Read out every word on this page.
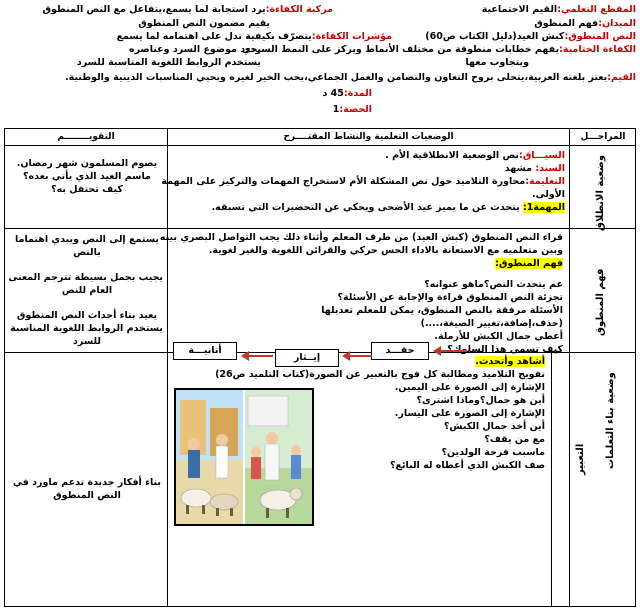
المقطع التعلمي:القيم الاجتماعية
مركبة الكفاءة:يرد استجابة لما يسمع،يتفاعل مع النص المنطوق
الميدان:فهم المنطوق
يقيم مضمون النص المنطوق
النص المنطوق:كبش العيد(دليل الكتاب ص60)
مؤشرات الكفاءة:يتصرّف بكيفية تدل على اهتمامه لما يسمع
الكفاءة الختامية:يفهم خطابات منطوقة من مختلف الأنماط ويركز على النمط السردي
يحدد موضوع السرد وعناصره
ويتجاوب معها
يستخدم الروابط اللغوية المناسبة للسرد
القيم:يعتز بلغته العربية،يتحلى بروح التعاون والتضامن والعمل الجماعي،يحب الخير لغيره ويحيي المناسبات الدينية والوطنية.
المدة:45 د
الحصة:1
المراحـــل
الوضعيات التعلمية والنشاط المقتــــرح
التقويــــــــم
وضعية الانطلاق
فهم المنطوق
وضعية بناء التعلمات
التعبير
السيـــاق:نص الوضعية الانطلاقية الأم .
السند: مشهد
التعليمة:محاورة التلاميذ حول نص المشكلة الأم لاستخراج المهمات والتركيز على المهمة
الأولى.
المهمة1: يتحدث عن ما يميز عيد الأضحى ويحكي عن التحضيرات التي تسبقه.
يصوم المسلمون شهر رمضان.
ماسم العيد الذي يأتي بعده؟
كيف تحتفل به؟
قراء النص المنطوق (كبش العيد) من طرف المعلم وأثناء ذلك يجب التواصل البصري بينه
وبين متعلميه مع الاستعانة بالاداء الحس حركي والقرائن اللغوية والغير لغوية.
فهم المنطوق:
عم يتحدث النص؟ماهو عنوانه؟
تجزئة النص المنطوق قراءة والإجابة عن الأسئلة؟
الأسئلة مرفقة بالنص المنطوق، يمكن للمعلم تعديلها
(حذف،إضافة،تغيير الصيغة،....)
أعطي جمال الكبش للأرملة.
كيف تسمي هذا السلوك؟
حقـــد
إيــثار
أنانيـــة
يستمع إلى النص ويبدي اهتماما
بالنص
يجيب بجمل بسيطة تترجم المعنى
العام للنص
يعيد بناء أحداث النص المنطوق
يستخدم الروابط اللغوية المناسبة
للسرد
أشاهد وأتحدث.
تفويج التلاميذ ومطالبة كل فوج بالتعبير عن الصورة(كتاب التلميذ ص26)
الإشارة إلى الصورة على اليمين.
أين هو جمال؟وماذا اشترى؟
الإشارة إلى الصورة على اليسار.
أين أخذ جمال الكبش؟
مع من يقف؟
ماسبب فرحة الولدين؟
صف الكبش الذي أعطاه له البائع؟
بناء أفكار جديدة تدعم ماورد في
النص المنطوق
